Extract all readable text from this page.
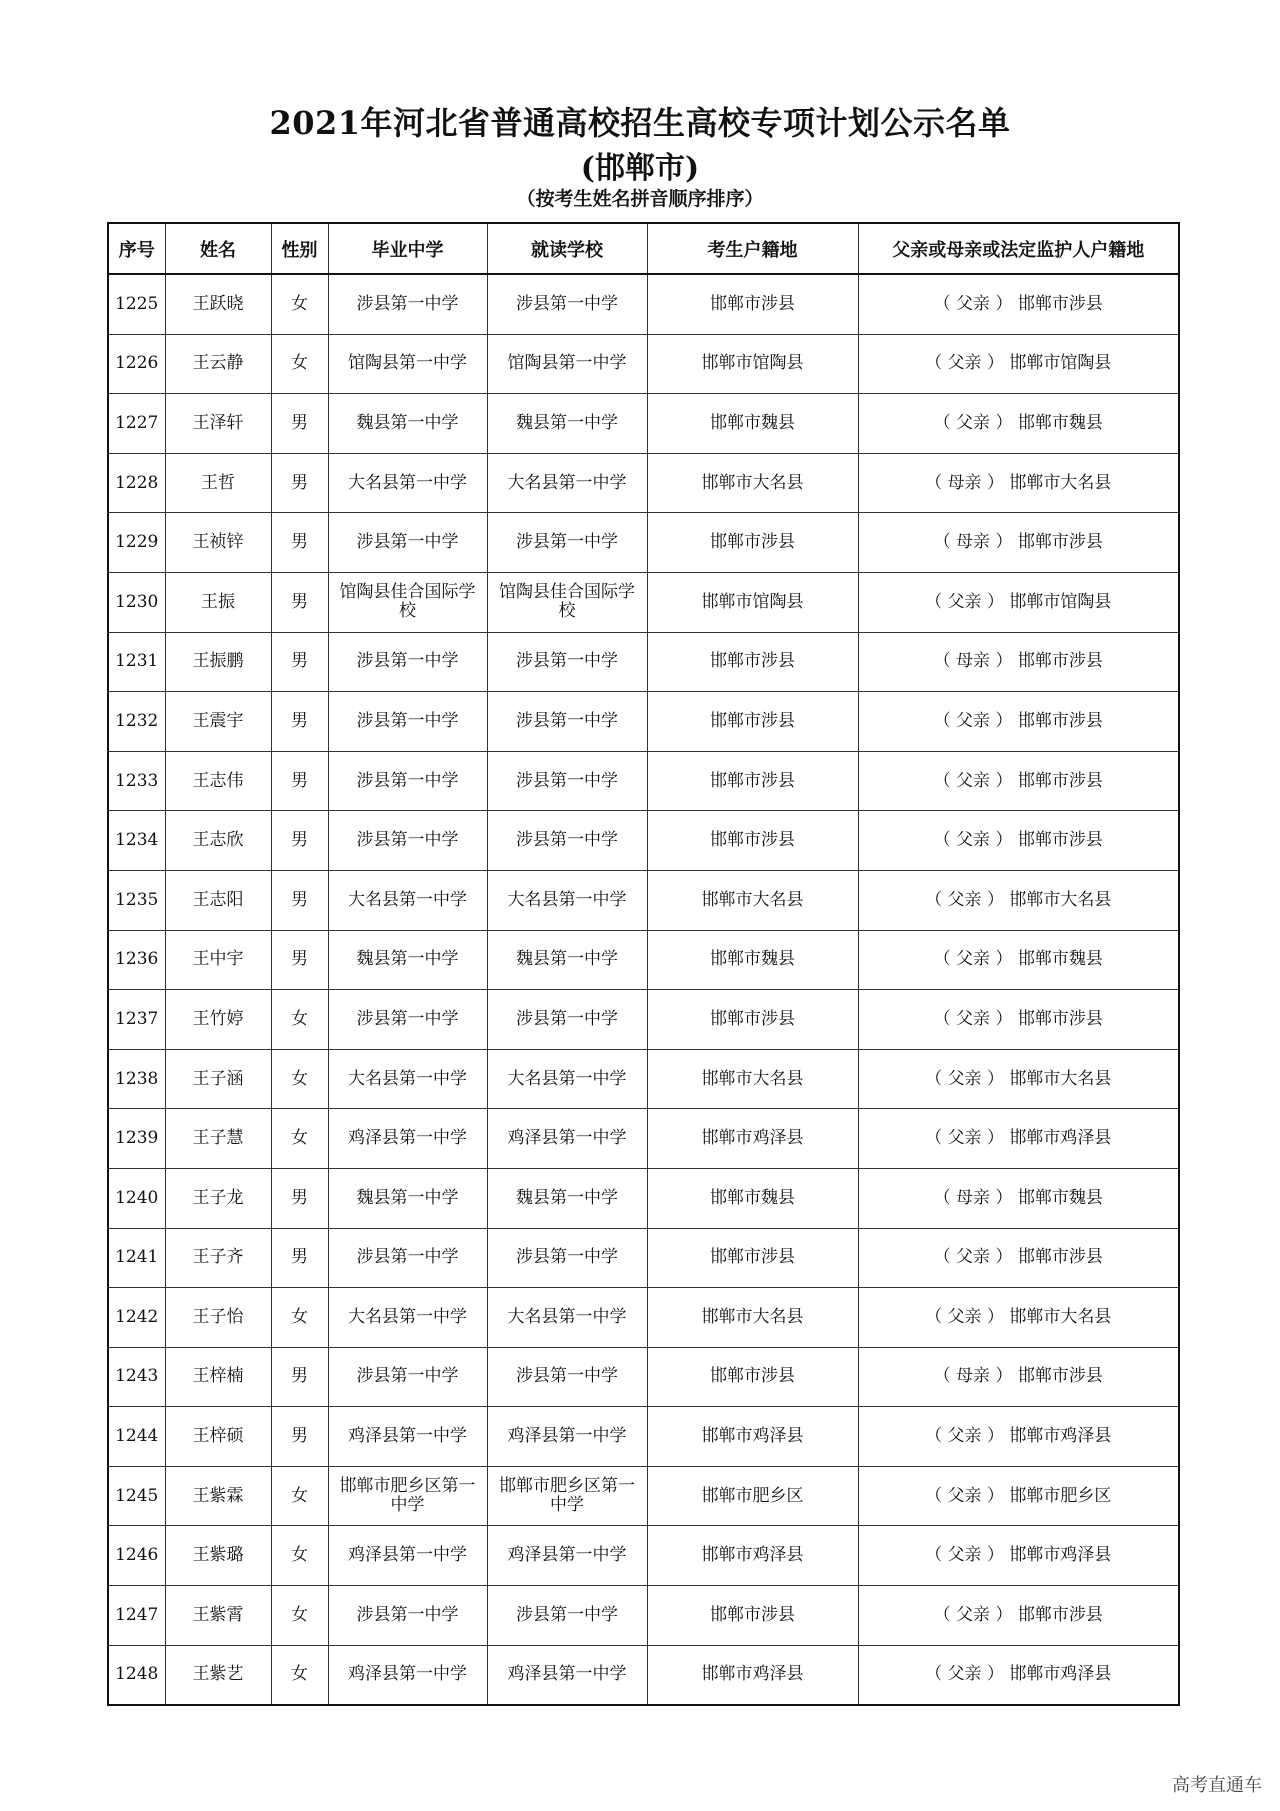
2021年河北省普通高校招生高校专项计划公示名单
(邯郸市)
（按考生姓名拼音顺序排序）
序号	姓名	性别	毕业中学	就读学校	考生户籍地	父亲或母亲或法定监护人户籍地
1225	王跃晓	女	涉县第一中学	涉县第一中学	邯郸市涉县	（ 父亲 ） 邯郸市涉县
1226	王云静	女	馆陶县第一中学	馆陶县第一中学	邯郸市馆陶县	（ 父亲 ） 邯郸市馆陶县
1227	王泽轩	男	魏县第一中学	魏县第一中学	邯郸市魏县	（ 父亲 ） 邯郸市魏县
1228	王哲	男	大名县第一中学	大名县第一中学	邯郸市大名县	（ 母亲 ） 邯郸市大名县
1229	王祯锌	男	涉县第一中学	涉县第一中学	邯郸市涉县	（ 母亲 ） 邯郸市涉县
1230	王振	男	馆陶县佳合国际学校	馆陶县佳合国际学校	邯郸市馆陶县	（ 父亲 ） 邯郸市馆陶县
1231	王振鹏	男	涉县第一中学	涉县第一中学	邯郸市涉县	（ 母亲 ） 邯郸市涉县
1232	王震宇	男	涉县第一中学	涉县第一中学	邯郸市涉县	（ 父亲 ） 邯郸市涉县
1233	王志伟	男	涉县第一中学	涉县第一中学	邯郸市涉县	（ 父亲 ） 邯郸市涉县
1234	王志欣	男	涉县第一中学	涉县第一中学	邯郸市涉县	（ 父亲 ） 邯郸市涉县
1235	王志阳	男	大名县第一中学	大名县第一中学	邯郸市大名县	（ 父亲 ） 邯郸市大名县
1236	王中宇	男	魏县第一中学	魏县第一中学	邯郸市魏县	（ 父亲 ） 邯郸市魏县
1237	王竹婷	女	涉县第一中学	涉县第一中学	邯郸市涉县	（ 父亲 ） 邯郸市涉县
1238	王子涵	女	大名县第一中学	大名县第一中学	邯郸市大名县	（ 父亲 ） 邯郸市大名县
1239	王子慧	女	鸡泽县第一中学	鸡泽县第一中学	邯郸市鸡泽县	（ 父亲 ） 邯郸市鸡泽县
1240	王子龙	男	魏县第一中学	魏县第一中学	邯郸市魏县	（ 母亲 ） 邯郸市魏县
1241	王子齐	男	涉县第一中学	涉县第一中学	邯郸市涉县	（ 父亲 ） 邯郸市涉县
1242	王子怡	女	大名县第一中学	大名县第一中学	邯郸市大名县	（ 父亲 ） 邯郸市大名县
1243	王梓楠	男	涉县第一中学	涉县第一中学	邯郸市涉县	（ 母亲 ） 邯郸市涉县
1244	王梓硕	男	鸡泽县第一中学	鸡泽县第一中学	邯郸市鸡泽县	（ 父亲 ） 邯郸市鸡泽县
1245	王紫霖	女	邯郸市肥乡区第一中学	邯郸市肥乡区第一中学	邯郸市肥乡区	（ 父亲 ） 邯郸市肥乡区
1246	王紫璐	女	鸡泽县第一中学	鸡泽县第一中学	邯郸市鸡泽县	（ 父亲 ） 邯郸市鸡泽县
1247	王紫霄	女	涉县第一中学	涉县第一中学	邯郸市涉县	（ 父亲 ） 邯郸市涉县
1248	王紫艺	女	鸡泽县第一中学	鸡泽县第一中学	邯郸市鸡泽县	（ 父亲 ） 邯郸市鸡泽县
高考直通车
